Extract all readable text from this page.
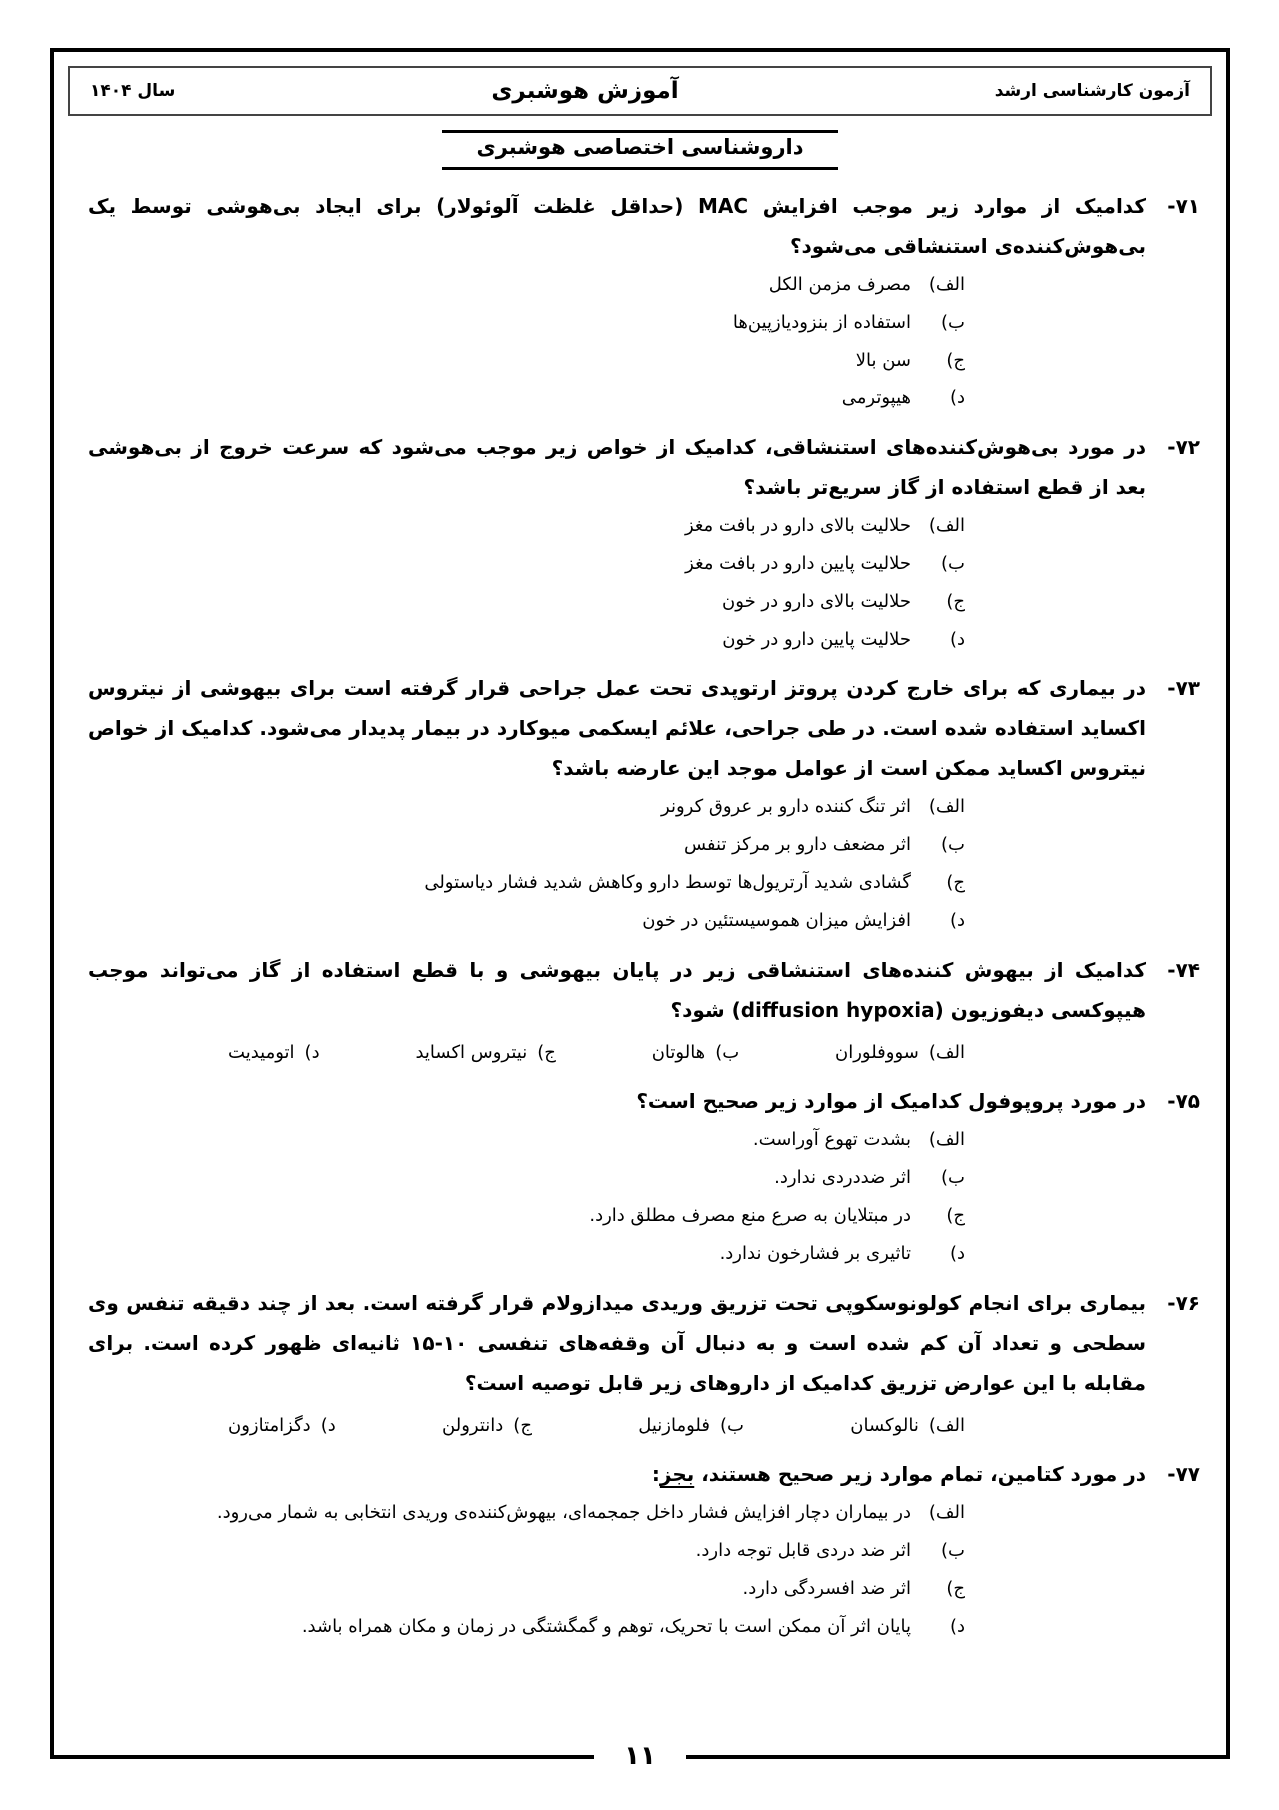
آزمون کارشناسی ارشد
آموزش هوشبری
سال ۱۴۰۴
داروشناسی اختصاصی هوشبری
۷۱-
کدامیک از موارد زیر موجب افزایش MAC (حداقل غلظت آلوئولار) برای ایجاد بی‌هوشی توسط یک بی‌هوش‌کننده‌ی استنشاقی می‌شود؟
الف)
مصرف مزمن الکل
ب)
استفاده از بنزودیازپین‌ها
ج)
سن بالا
د)
هیپوترمی
۷۲-
در مورد بی‌هوش‌کننده‌های استنشاقی، کدامیک از خواص زیر موجب می‌شود که سرعت خروج از بی‌هوشی بعد از قطع استفاده از گاز سریع‌تر باشد؟
الف)
حلالیت بالای دارو در بافت مغز
ب)
حلالیت پایین دارو در بافت مغز
ج)
حلالیت بالای دارو در خون
د)
حلالیت پایین دارو در خون
۷۳-
در بیماری که برای خارج کردن پروتز ارتوپدی تحت عمل جراحی قرار گرفته است برای بیهوشی از نیتروس اکساید استفاده شده است. در طی جراحی، علائم ایسکمی میوکارد در بیمار پدیدار می‌شود. کدامیک از خواص نیتروس اکساید ممکن است از عوامل موجد این عارضه باشد؟
الف)
اثر تنگ کننده دارو بر عروق کرونر
ب)
اثر مضعف دارو بر مرکز تنفس
ج)
گشادی شدید آرتریول‌ها توسط دارو وکاهش شدید فشار دیاستولی
د)
افزایش میزان هموسیستئین در خون
۷۴-
کدامیک از بیهوش کننده‌های استنشاقی زیر در پایان بیهوشی و با قطع استفاده از گاز می‌تواند موجب هیپوکسی دیفوزیون (diffusion hypoxia) شود؟
الف)سووفلوران
ب)هالوتان
ج)نیتروس اکساید
د)اتومیدیت
۷۵-
در مورد پروپوفول کدامیک از موارد زیر صحیح است؟
الف)
بشدت تهوع آوراست.
ب)
اثر ضددردی ندارد.
ج)
در مبتلایان به صرع منع مصرف مطلق دارد.
د)
تاثیری بر فشارخون ندارد.
۷۶-
بیماری برای انجام کولونوسکوپی تحت تزریق وریدی میدازولام قرار گرفته است. بعد از چند دقیقه تنفس وی سطحی و تعداد آن کم شده است و به دنبال آن وقفه‌های تنفسی ۱۰-۱۵ ثانیه‌ای ظهور کرده است. برای مقابله با این عوارض تزریق کدامیک از داروهای زیر قابل توصیه است؟
الف)نالوکسان
ب)فلومازنیل
ج)دانترولن
د)دگزامتازون
۷۷-
در مورد کتامین، تمام موارد زیر صحیح هستند، بجز:
الف)
در بیماران دچار افزایش فشار داخل جمجمه‌ای، بیهوش‌کننده‌ی وریدی انتخابی به شمار می‌رود.
ب)
اثر ضد دردی قابل توجه دارد.
ج)
اثر ضد افسردگی دارد.
د)
پایان اثر آن ممکن است با تحریک، توهم و گمگشتگی در زمان و مکان همراه باشد.
۱۱
